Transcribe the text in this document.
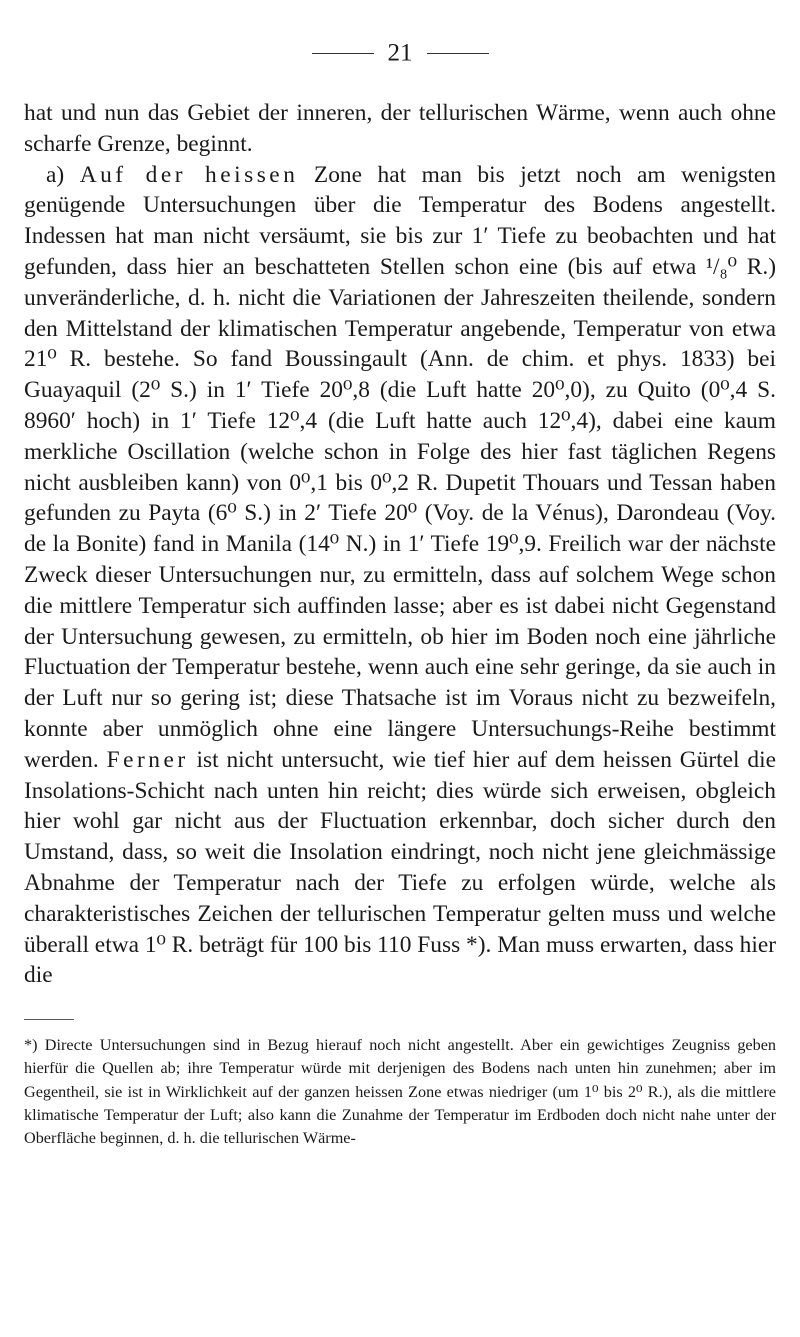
21

hat und nun das Gebiet der inneren, der tellurischen Wärme, wenn auch ohne scharfe Grenze, beginnt.

a) Auf der heissen Zone hat man bis jetzt noch am wenigsten genügende Untersuchungen über die Temperatur des Bodens angestellt. Indessen hat man nicht versäumt, sie bis zur 1′ Tiefe zu beobachten und hat gefunden, dass hier an beschatteten Stellen schon eine (bis auf etwa ¹/₈⁰ R.) unveränderliche, d. h. nicht die Variationen der Jahreszeiten theilende, sondern den Mittelstand der klimatischen Temperatur angebende, Temperatur von etwa 21⁰ R. bestehe. So fand Boussingault (Ann. de chim. et phys. 1833) bei Guayaquil (2⁰ S.) in 1′ Tiefe 20⁰,8 (die Luft hatte 20⁰,0), zu Quito (0⁰,4 S. 8960′ hoch) in 1′ Tiefe 12⁰,4 (die Luft hatte auch 12⁰,4), dabei eine kaum merkliche Oscillation (welche schon in Folge des hier fast täglichen Regens nicht ausbleiben kann) von 0⁰,1 bis 0⁰,2 R. Dupetit Thouars und Tessan haben gefunden zu Payta (6⁰ S.) in 2′ Tiefe 20⁰ (Voy. de la Vénus), Darondeau (Voy. de la Bonite) fand in Manila (14⁰ N.) in 1′ Tiefe 19⁰,9. Freilich war der nächste Zweck dieser Untersuchungen nur, zu ermitteln, dass auf solchem Wege schon die mittlere Temperatur sich auffinden lasse; aber es ist dabei nicht Gegenstand der Untersuchung gewesen, zu ermitteln, ob hier im Boden noch eine jährliche Fluctuation der Temperatur bestehe, wenn auch eine sehr geringe, da sie auch in der Luft nur so gering ist; diese Thatsache ist im Voraus nicht zu bezweifeln, konnte aber unmöglich ohne eine längere Untersuchungs-Reihe bestimmt werden. Ferner ist nicht untersucht, wie tief hier auf dem heissen Gürtel die Insolations-Schicht nach unten hin reicht; dies würde sich erweisen, obgleich hier wohl gar nicht aus der Fluctuation erkennbar, doch sicher durch den Umstand, dass, so weit die Insolation eindringt, noch nicht jene gleichmässige Abnahme der Temperatur nach der Tiefe zu erfolgen würde, welche als charakteristisches Zeichen der tellurischen Temperatur gelten muss und welche überall etwa 1⁰ R. beträgt für 100 bis 110 Fuss *). Man muss erwarten, dass hier die

*) Directe Untersuchungen sind in Bezug hierauf noch nicht angestellt. Aber ein gewichtiges Zeugniss geben hierfür die Quellen ab; ihre Temperatur würde mit derjenigen des Bodens nach unten hin zunehmen; aber im Gegentheil, sie ist in Wirklichkeit auf der ganzen heissen Zone etwas niedriger (um 1⁰ bis 2⁰ R.), als die mittlere klimatische Temperatur der Luft; also kann die Zunahme der Temperatur im Erdboden doch nicht nahe unter der Oberfläche beginnen, d. h. die tellurischen Wärme-
